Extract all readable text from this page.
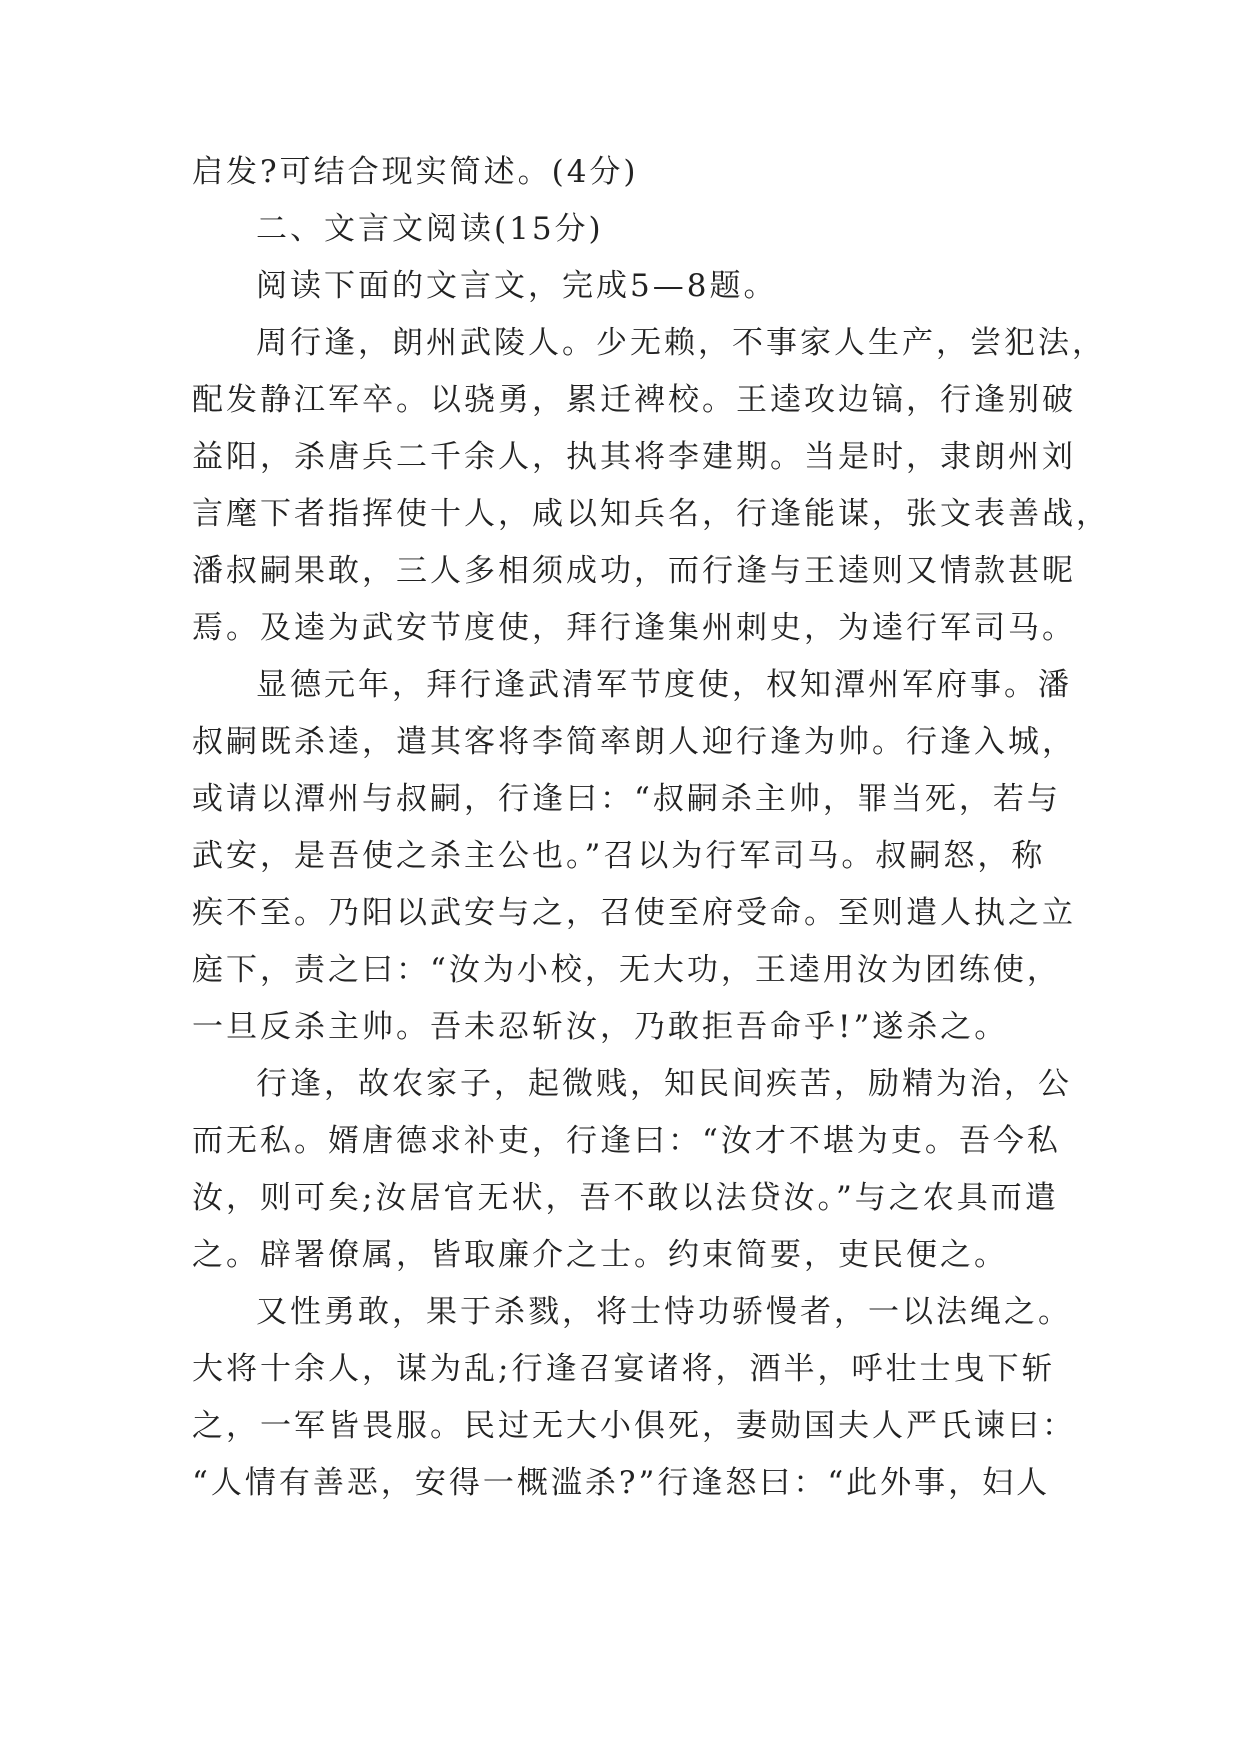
启发?可结合现实简述。(4分)
二、文言文阅读(15分)
阅读下面的文言文，完成5—8题。
周行逢，朗州武陵人。少无赖，不事家人生产，尝犯法，
配发静江军卒。以骁勇，累迁裨校。王逵攻边镐，行逢别破
益阳，杀唐兵二千余人，执其将李建期。当是时，隶朗州刘
言麾下者指挥使十人，咸以知兵名，行逢能谋，张文表善战，
潘叔嗣果敢，三人多相须成功，而行逢与王逵则又情款甚昵
焉。及逵为武安节度使，拜行逢集州刺史，为逵行军司马。
显德元年，拜行逢武清军节度使，权知潭州军府事。潘
叔嗣既杀逵，遣其客将李简率朗人迎行逢为帅。行逢入城，
或请以潭州与叔嗣，行逢曰：“叔嗣杀主帅，罪当死，若与
武安，是吾使之杀主公也。”召以为行军司马。叔嗣怒，称
疾不至。乃阳以武安与之，召使至府受命。至则遣人执之立
庭下，责之曰：“汝为小校，无大功，王逵用汝为团练使，
一旦反杀主帅。吾未忍斩汝，乃敢拒吾命乎!”遂杀之。
行逢，故农家子，起微贱，知民间疾苦，励精为治，公
而无私。婿唐德求补吏，行逢曰：“汝才不堪为吏。吾今私
汝，则可矣;汝居官无状，吾不敢以法贷汝。”与之农具而遣
之。辟署僚属，皆取廉介之士。约束简要，吏民便之。
又性勇敢，果于杀戮，将士恃功骄慢者，一以法绳之。
大将十余人，谋为乱;行逢召宴诸将，酒半，呼壮士曳下斩
之，一军皆畏服。民过无大小俱死，妻勋国夫人严氏谏曰：
“人情有善恶，安得一概滥杀?”行逢怒曰：“此外事，妇人
